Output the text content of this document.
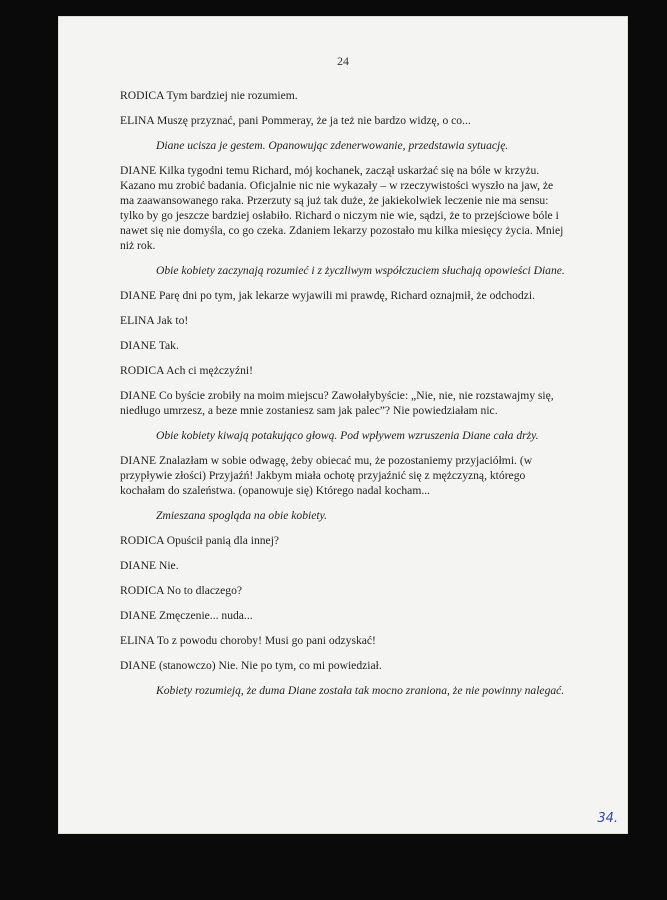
24

RODICA Tym bardziej nie rozumiem.

ELINA Muszę przyznać, pani Pommeray, że ja też nie bardzo widzę, o co...

Diane ucisza je gestem. Opanowując zdenerwowanie, przedstawia sytuację.

DIANE Kilka tygodni temu Richard, mój kochanek, zaczął uskarżać się na bóle w krzyżu. Kazano mu zrobić badania. Oficjalnie nic nie wykazały – w rzeczywistości wyszło na jaw, że ma zaawansowanego raka. Przerzuty są już tak duże, że jakiekolwiek leczenie nie ma sensu: tylko by go jeszcze bardziej osłabiło. Richard o niczym nie wie, sądzi, że to przejściowe bóle i nawet się nie domyśla, co go czeka. Zdaniem lekarzy pozostało mu kilka miesięcy życia. Mniej niż rok.

Obie kobiety zaczynają rozumieć i z życzliwym współczuciem słuchają opowieści Diane.

DIANE Parę dni po tym, jak lekarze wyjawili mi prawdę, Richard oznajmił, że odchodzi.

ELINA Jak to!

DIANE Tak.

RODICA Ach ci mężczyźni!

DIANE Co byście zrobiły na moim miejscu? Zawołałybyście: „Nie, nie, nie rozstawajmy się, niedługo umrzesz, a beze mnie zostaniesz sam jak palec”? Nie powiedziałam nic.

Obie kobiety kiwają potakująco głową. Pod wpływem wzruszenia Diane cała drży.

DIANE Znalazłam w sobie odwagę, żeby obiecać mu, że pozostaniemy przyjaciółmi. (w przypływie złości) Przyjaźń! Jakbym miała ochotę przyjaźnić się z mężczyzną, którego kochałam do szaleństwa. (opanowuje się) Którego nadal kocham...

Zmieszana spogląda na obie kobiety.

RODICA Opuścił panią dla innej?

DIANE Nie.

RODICA No to dlaczego?

DIANE Zmęczenie... nuda...

ELINA To z powodu choroby! Musi go pani odzyskać!

DIANE (stanowczo) Nie. Nie po tym, co mi powiedział.

Kobiety rozumieją, że duma Diane została tak mocno zraniona, że nie powinny nalegać.

34.
